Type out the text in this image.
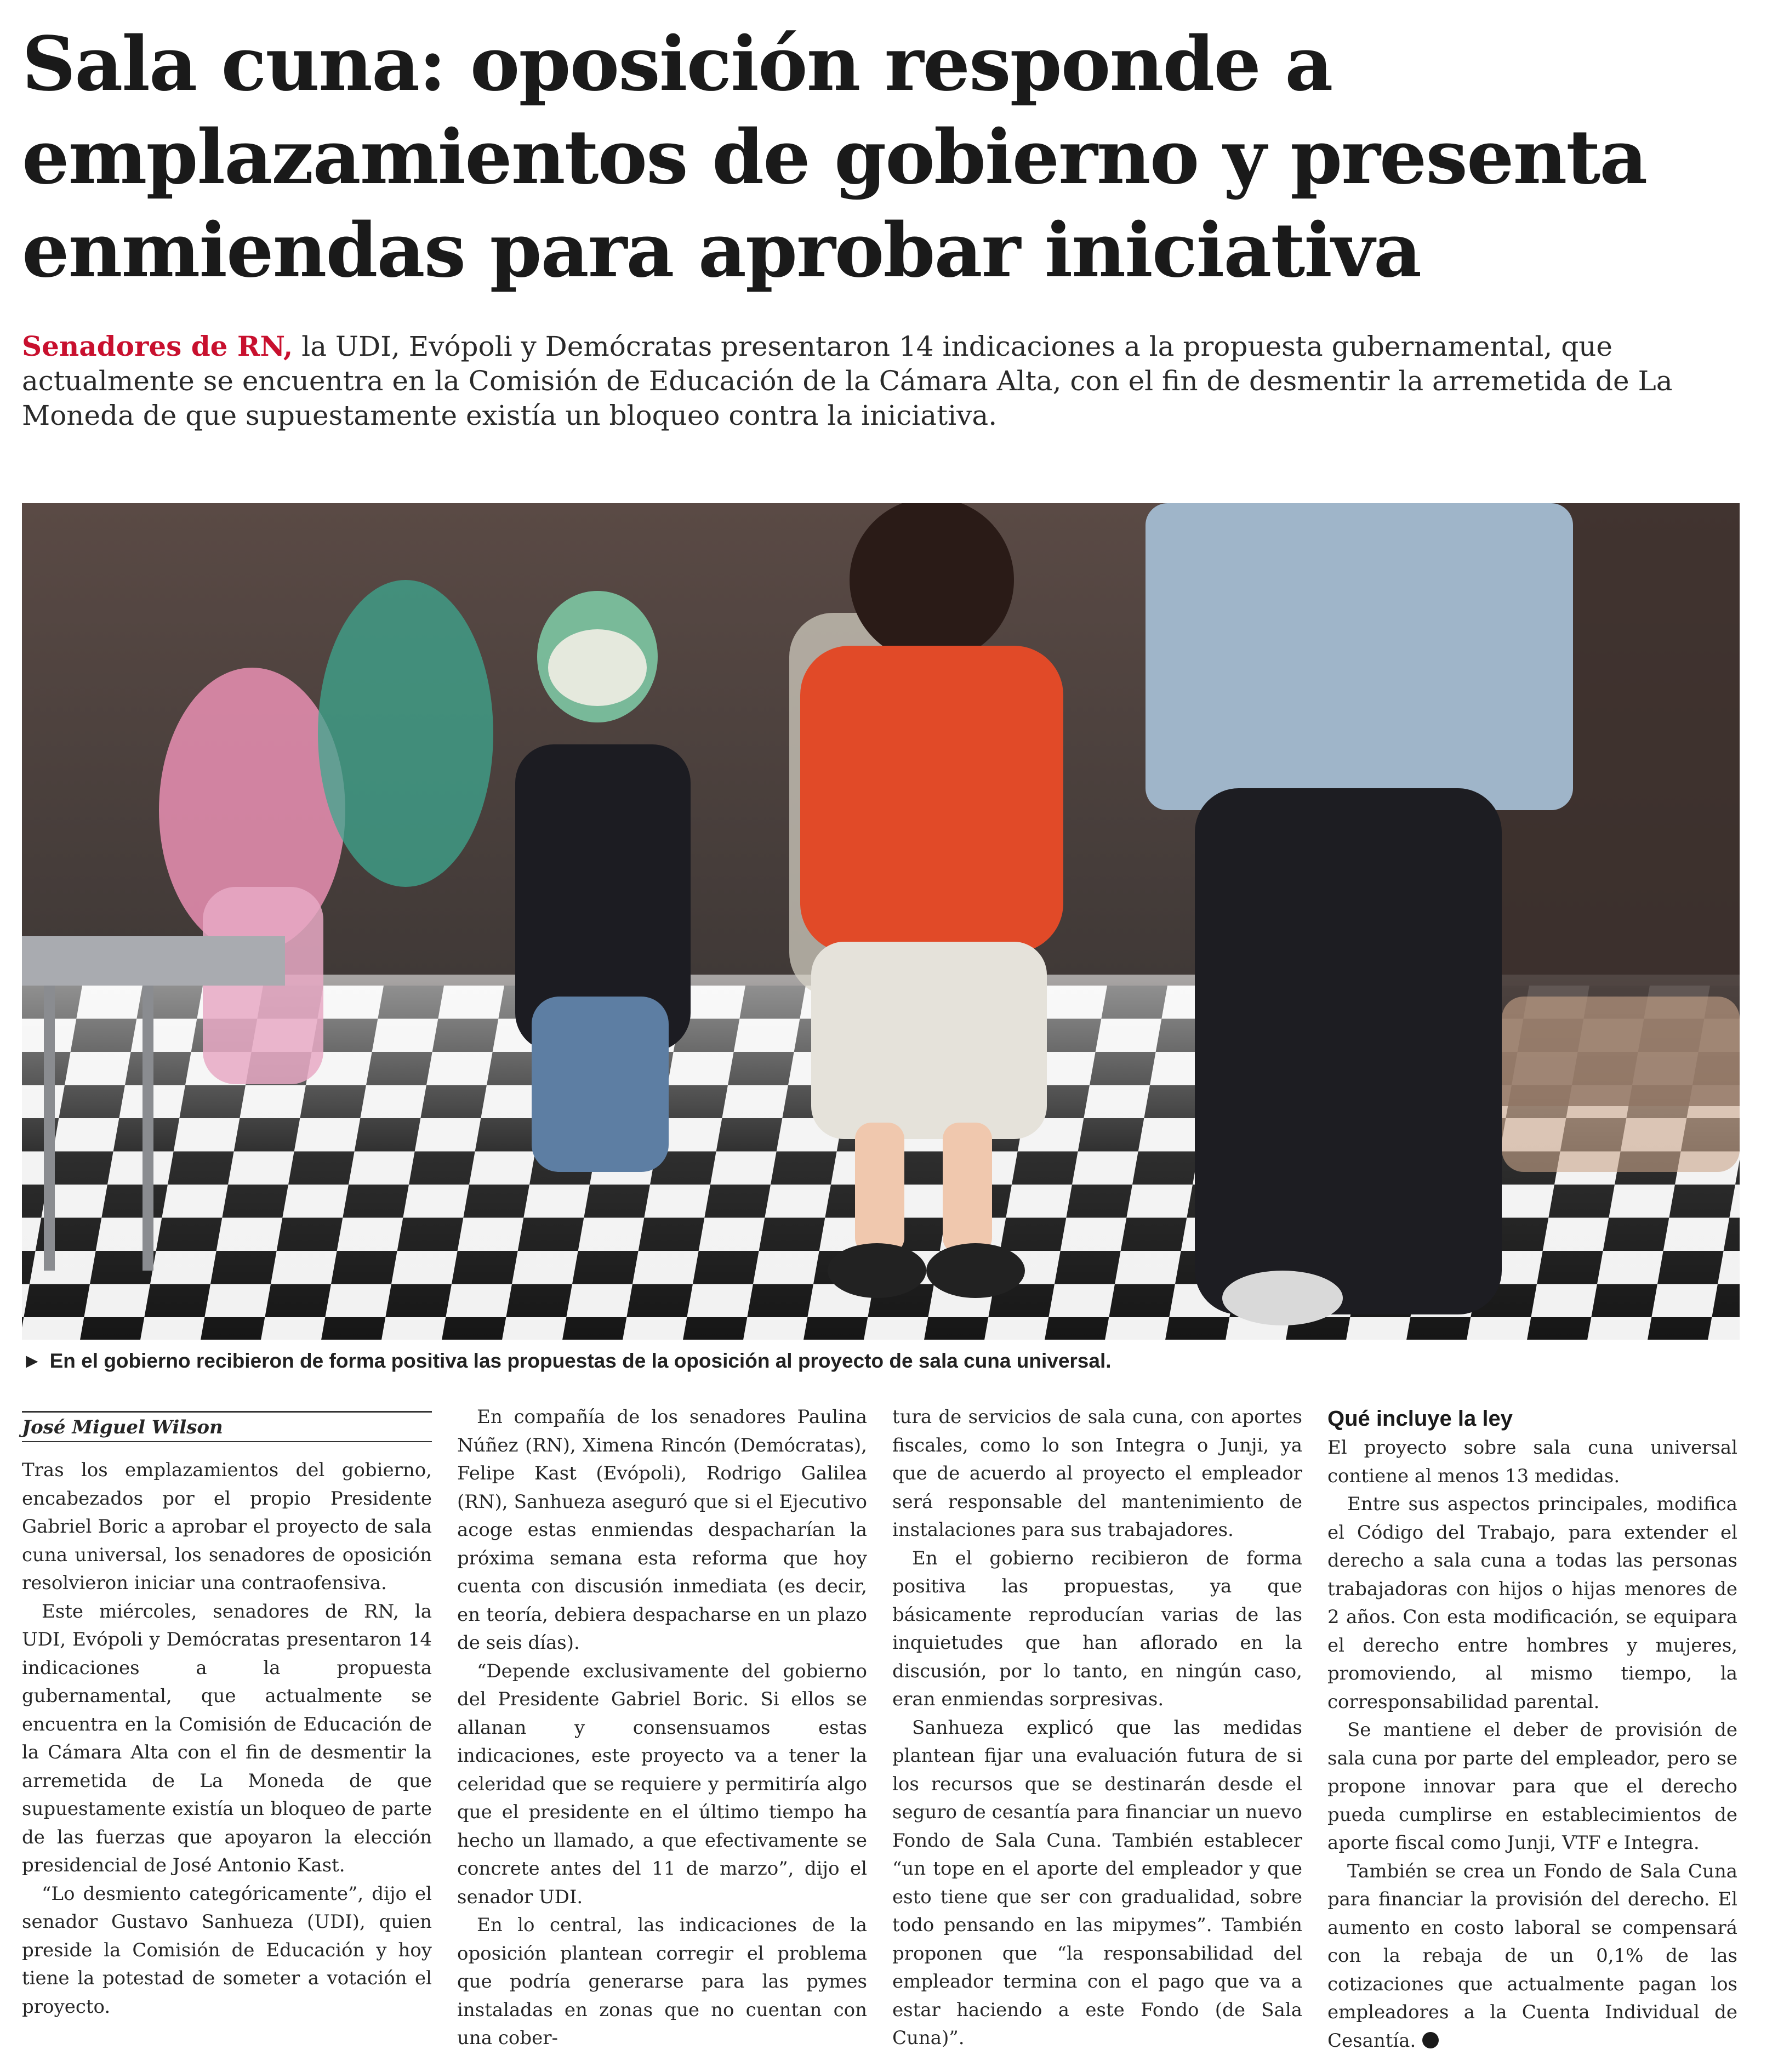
Sala cuna: oposición responde a emplazamientos de gobierno y presenta enmiendas para aprobar iniciativa

Senadores de RN, la UDI, Evópoli y Demócratas presentaron 14 indicaciones a la propuesta gubernamental, que actualmente se encuentra en la Comisión de Educación de la Cámara Alta, con el fin de desmentir la arremetida de La Moneda de que supuestamente existía un bloqueo contra la iniciativa.

► En el gobierno recibieron de forma positiva las propuestas de la oposición al proyecto de sala cuna universal.
José Miguel Wilson

Tras los emplazamientos del gobierno, encabezados por el propio Presidente Gabriel Boric a aprobar el proyecto de sala cuna universal, los senadores de oposición resolvieron iniciar una contraofensiva.

Este miércoles, senadores de RN, la UDI, Evópoli y Demócratas presentaron 14 indicaciones a la propuesta gubernamental, que actualmente se encuentra en la Comisión de Educación de la Cámara Alta con el fin de desmentir la arremetida de La Moneda de que supuestamente existía un bloqueo de parte de las fuerzas que apoyaron la elección presidencial de José Antonio Kast.

“Lo desmiento categóricamente”, dijo el senador Gustavo Sanhueza (UDI), quien preside la Comisión de Educación y hoy tiene la potestad de someter a votación el proyecto.

En compañía de los senadores Paulina Núñez (RN), Ximena Rincón (Demócratas), Felipe Kast (Evópoli), Rodrigo Galilea (RN), Sanhueza aseguró que si el Ejecutivo acoge estas enmiendas despacharían la próxima semana esta reforma que hoy cuenta con discusión inmediata (es decir, en teoría, debiera despacharse en un plazo de seis días).

“Depende exclusivamente del gobierno del Presidente Gabriel Boric. Si ellos se allanan y consensuamos estas indicaciones, este proyecto va a tener la celeridad que se requiere y permitiría algo que el presidente en el último tiempo ha hecho un llamado, a que efectivamente se concrete antes del 11 de marzo”, dijo el senador UDI.

En lo central, las indicaciones de la oposición plantean corregir el problema que podría generarse para las pymes instaladas en zonas que no cuentan con una cober-

tura de servicios de sala cuna, con aportes fiscales, como lo son Integra o Junji, ya que de acuerdo al proyecto el empleador será responsable del mantenimiento de instalaciones para sus trabajadores.

En el gobierno recibieron de forma positiva las propuestas, ya que básicamente reproducían varias de las inquietudes que han aflorado en la discusión, por lo tanto, en ningún caso, eran enmiendas sorpresivas.

Sanhueza explicó que las medidas plantean fijar una evaluación futura de si los recursos que se destinarán desde el seguro de cesantía para financiar un nuevo Fondo de Sala Cuna. También establecer “un tope en el aporte del empleador y que esto tiene que ser con gradualidad, sobre todo pensando en las mipymes”. También proponen que “la responsabilidad del empleador termina con el pago que va a estar haciendo a este Fondo (de Sala Cuna)”.

Qué incluye la ley

El proyecto sobre sala cuna universal contiene al menos 13 medidas.

Entre sus aspectos principales, modifica el Código del Trabajo, para extender el derecho a sala cuna a todas las personas trabajadoras con hijos o hijas menores de 2 años. Con esta modificación, se equipara el derecho entre hombres y mujeres, promoviendo, al mismo tiempo, la corresponsabilidad parental.

Se mantiene el deber de provisión de sala cuna por parte del empleador, pero se propone innovar para que el derecho pueda cumplirse en establecimientos de aporte fiscal como Junji, VTF e Integra.

También se crea un Fondo de Sala Cuna para financiar la provisión del derecho. El aumento en costo laboral se compensará con la rebaja de un 0,1% de las cotizaciones que actualmente pagan los empleadores a la Cuenta Individual de Cesantía.
